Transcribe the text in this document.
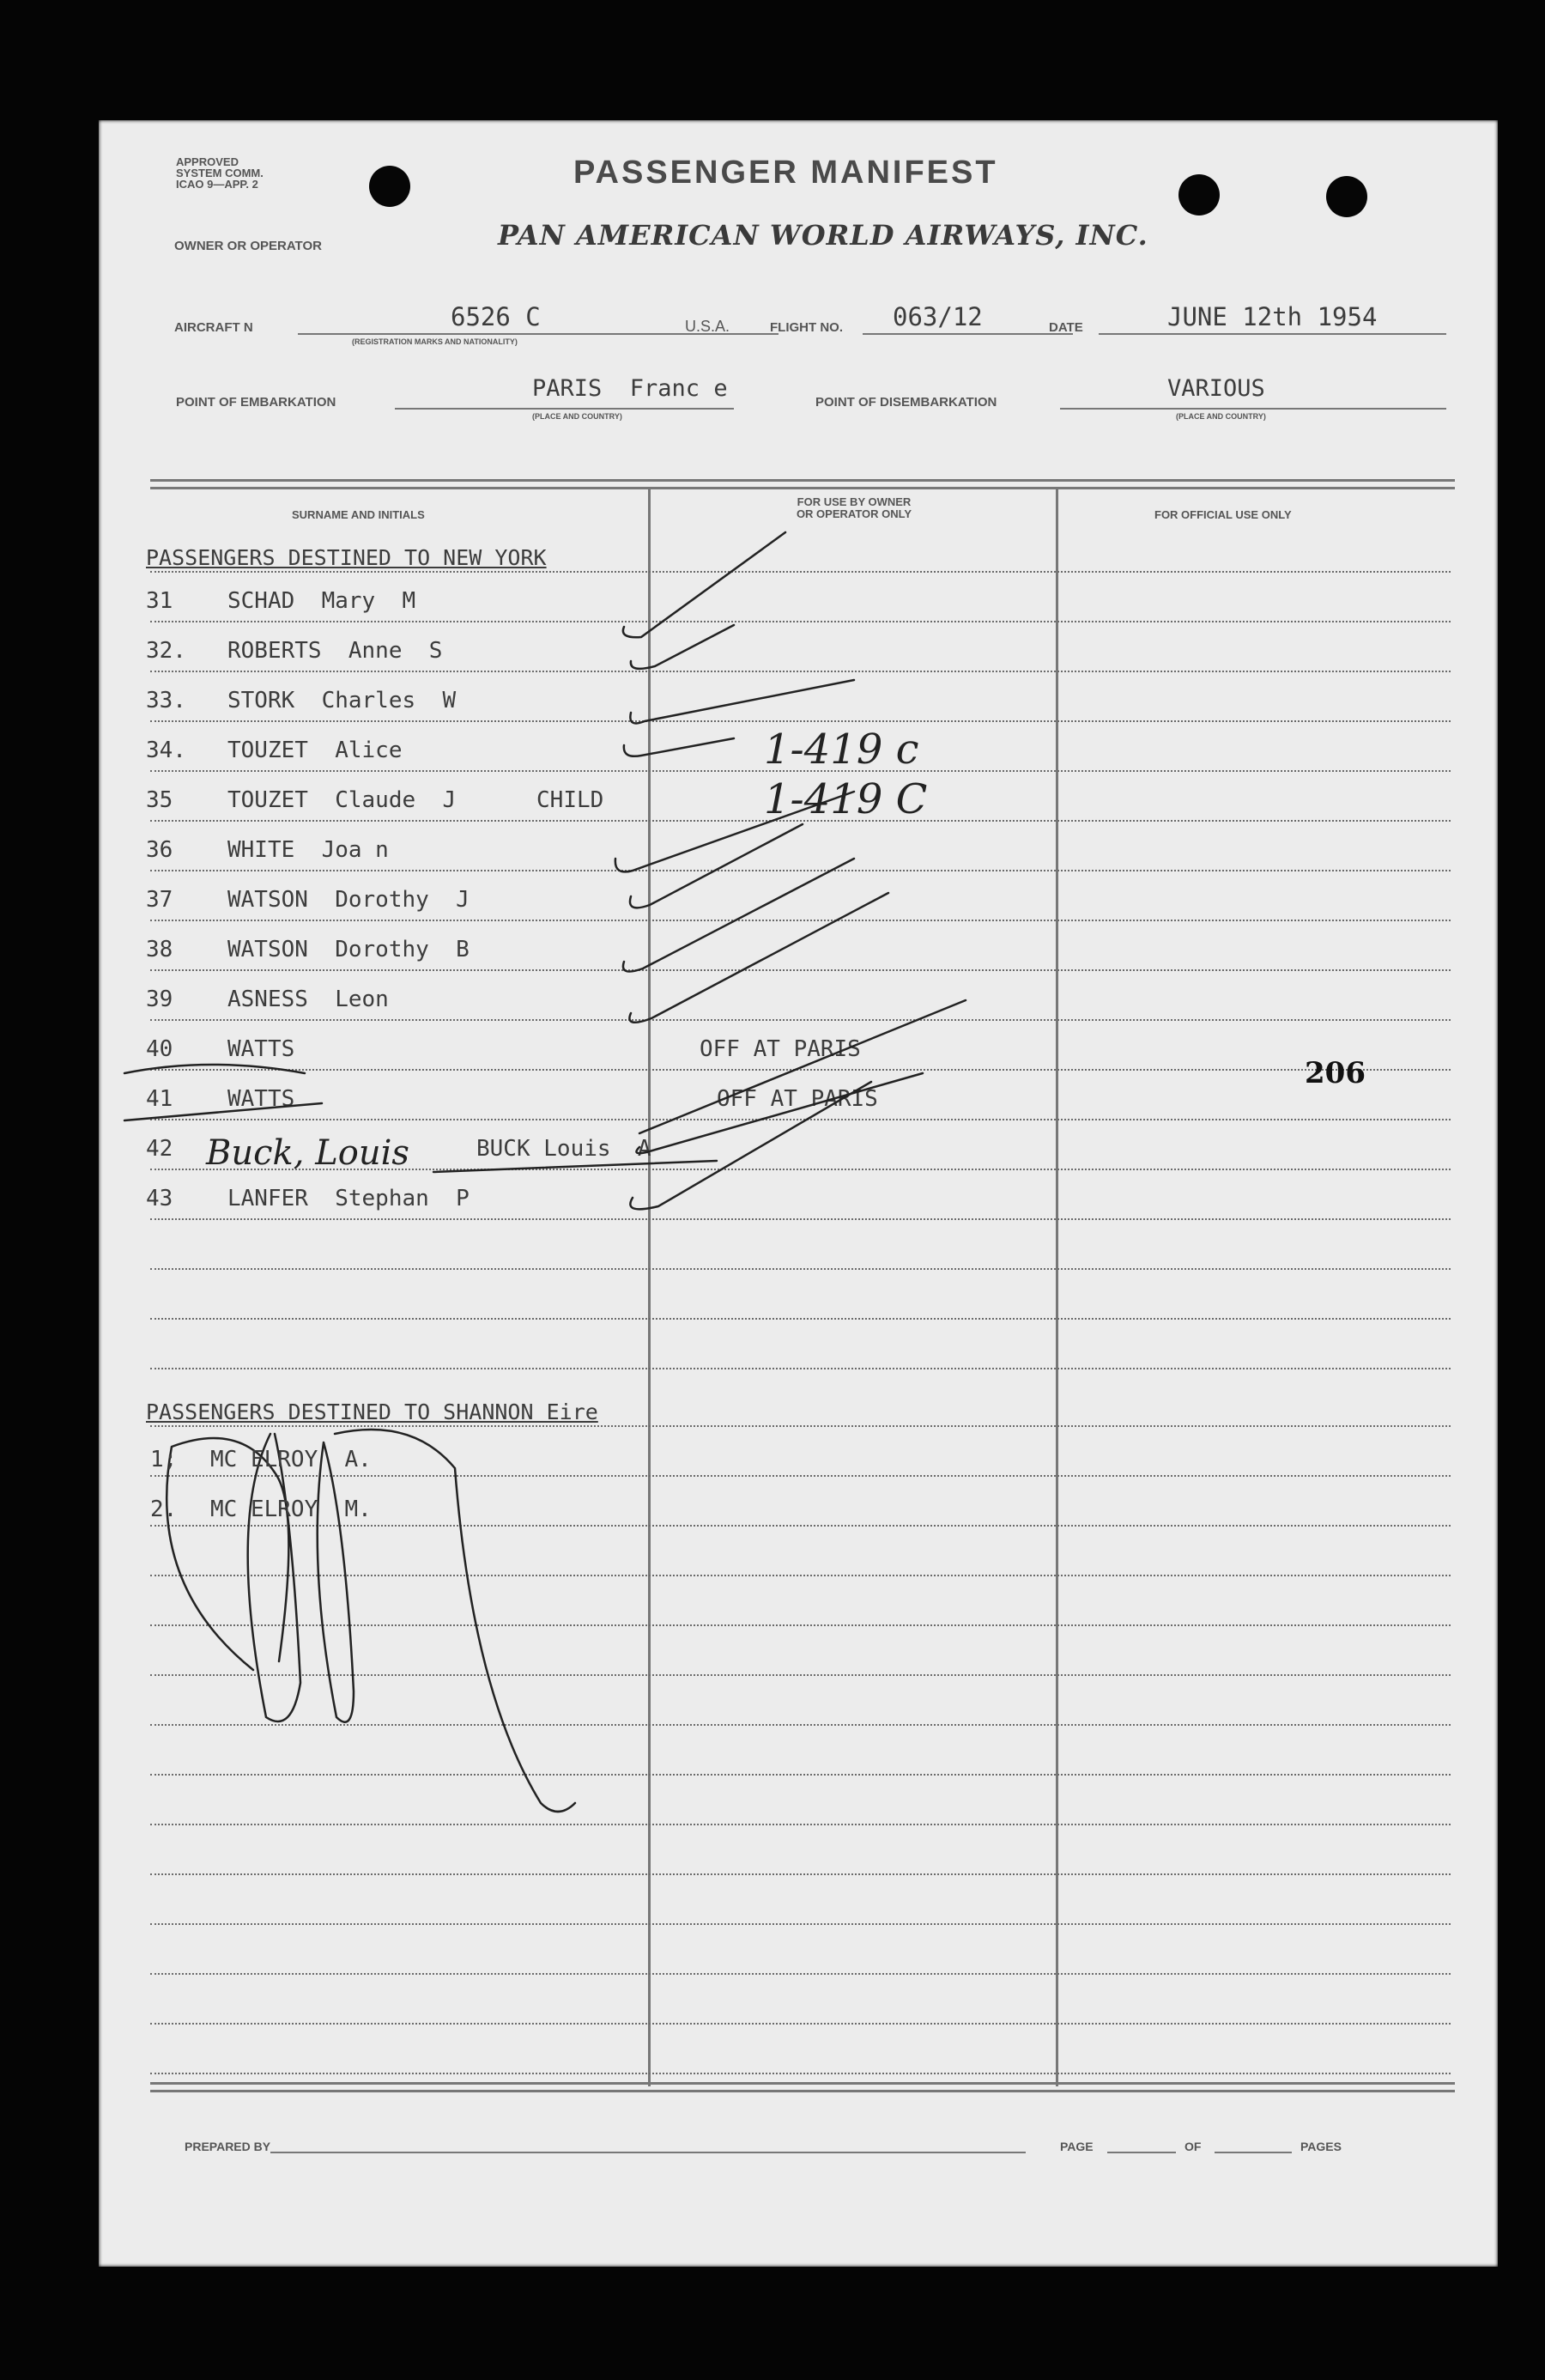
APPROVED
SYSTEM COMM.
ICAO 9—APP. 2	PASSENGER MANIFEST
OWNER OR OPERATOR	PAN AMERICAN WORLD AIRWAYS, INC.
AIRCRAFT N	6526 C
(REGISTRATION MARKS AND NATIONALITY)
U.S.A.	FLIGHT NO. 063/12	DATE	JUNE 12th 1954
POINT OF EMBARKATION
PARIS  Franc e
(PLACE AND COUNTRY)
POINT OF DISEMBARKATION
VARIOUS
(PLACE AND COUNTRY)
SURNAME AND INITIALS
FOR USE BY OWNER
OR OPERATOR ONLY	FOR OFFICIAL USE ONLY
PASSENGERS DESTINED TO NEW YORK
31 SCHAD  Mary  M
32. ROBERTS  Anne  S
33. STORK  Charles  W
34. TOUZET  Alice	1-419 c
35 TOUZET  Claude  J      CHILD	1-419 C
36 WHITE  Joa n
37 WATSON  Dorothy  J
38 WATSON  Dorothy  B
39 ASNESS  Leon
40 WATTS	OFF AT PARIS
41 WATTS	OFF AT PARIS
42	BUCK Louis  A
43 LANFER  Stephan  P
Buck, Louis
206
PASSENGERS DESTINED TO SHANNON Eire
1; MC ELROY  A.
2. MC ELROY  M.
PREPARED BY	PAGE	OF	PAGES
